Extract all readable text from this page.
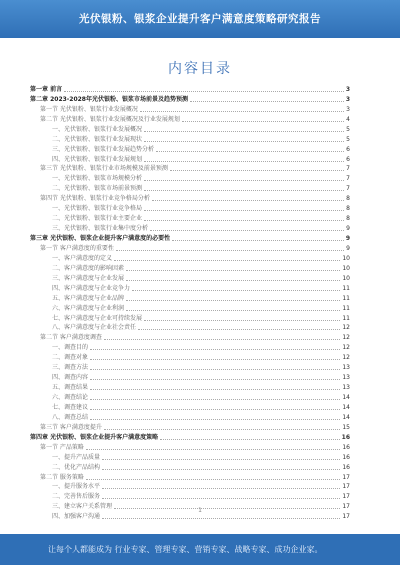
光伏银粉、银浆企业提升客户满意度策略研究报告
内容目录
第一章 前言	3
第二章 2023-2028年光伏银粉、银浆市场前景及趋势预测	3
第一节 光伏银粉、银浆行业发展概况	3
第二节 光伏银粉、银浆行业发展概况及行业发展规划	4
一、光伏银粉、银浆行业发展概况	5
二、光伏银粉、银浆行业发展现状	5
三、光伏银粉、银浆行业发展趋势分析	6
四、光伏银粉、银浆行业发展规划	6
第三节 光伏银粉、银浆行业市场规模及前景预测	7
一、光伏银粉、银浆市场规模分析	7
二、光伏银粉、银浆市场前景预测	7
第四节 光伏银粉、银浆行业竞争格局分析	8
一、光伏银粉、银浆行业竞争格局	8
二、光伏银粉、银浆行业主要企业	8
三、光伏银粉、银浆行业集中度分析	9
第三章 光伏银粉、银浆企业提升客户满意度的必要性	9
第一节 客户满意度的重要性	9
一、客户满意度的定义	10
二、客户满意度的影响因素	10
三、客户满意度与企业发展	10
四、客户满意度与企业竞争力	11
五、客户满意度与企业品牌	11
六、客户满意度与企业利润	11
七、客户满意度与企业可持续发展	11
八、客户满意度与企业社会责任	12
第二节 客户满意度调查	12
一、调查目的	12
二、调查对象	12
三、调查方法	13
四、调查内容	13
五、调查结果	13
六、调查结论	14
七、调查建议	14
八、调查总结	14
第三节 客户满意度提升	15
第四章 光伏银粉、银浆企业提升客户满意度策略	16
第一节 产品策略	16
一、提升产品质量	16
二、优化产品结构	16
第二节 服务策略	17
一、提升服务水平	17
二、完善售后服务	17
三、建立客户关系管理	17
四、加强客户沟通	17
1
让每个人都能成为 行业专家、管理专家、营销专家、战略专家、成功企业家。
